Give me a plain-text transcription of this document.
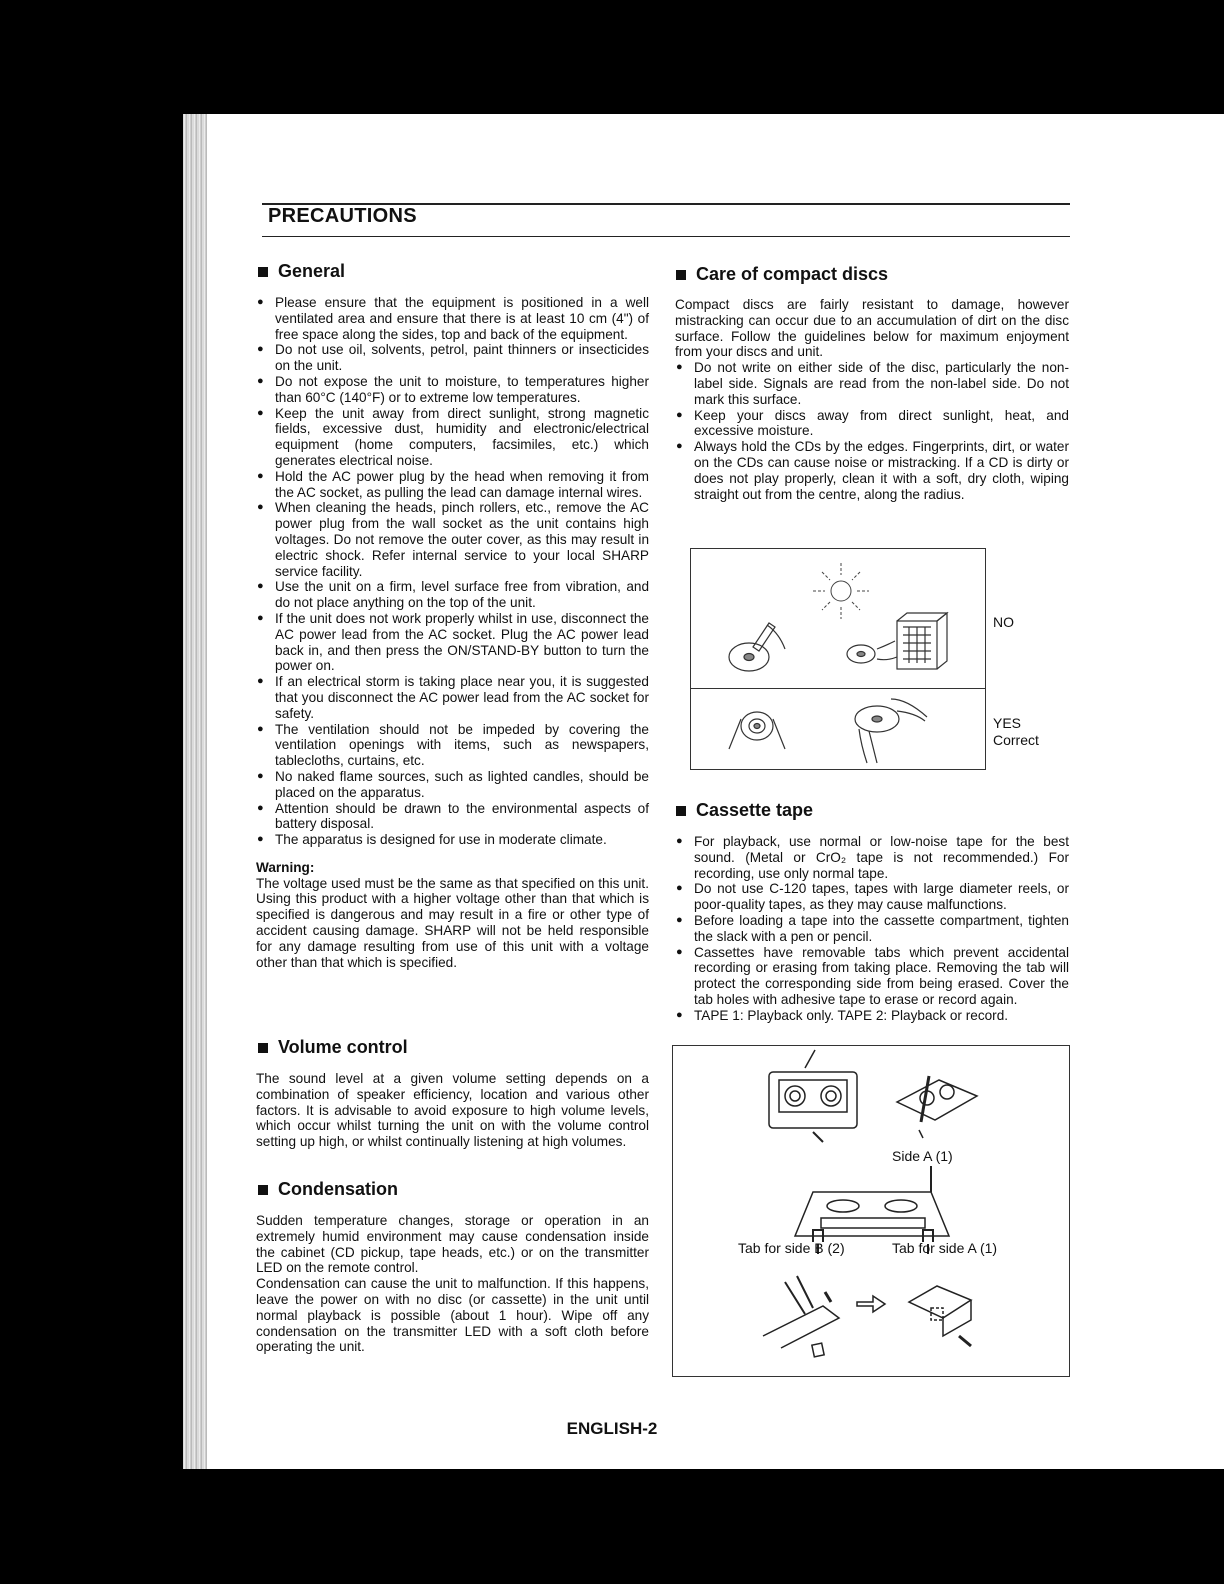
PRECAUTIONS
General
● Please ensure that the equipment is positioned in a well ventilated area and ensure that there is at least 10 cm (4") of free space along the sides, top and back of the equipment.
● Do not use oil, solvents, petrol, paint thinners or insecticides on the unit.
● Do not expose the unit to moisture, to temperatures higher than 60°C (140°F) or to extreme low temperatures.
● Keep the unit away from direct sunlight, strong magnetic fields, excessive dust, humidity and electronic/electrical equipment (home computers, facsimiles, etc.) which generates electrical noise.
● Hold the AC power plug by the head when removing it from the AC socket, as pulling the lead can damage internal wires.
● When cleaning the heads, pinch rollers, etc., remove the AC power plug from the wall socket as the unit contains high voltages. Do not remove the outer cover, as this may result in electric shock. Refer internal service to your local SHARP service facility.
● Use the unit on a firm, level surface free from vibration, and do not place anything on the top of the unit.
● If the unit does not work properly whilst in use, disconnect the AC power lead from the AC socket. Plug the AC power lead back in, and then press the ON/STAND-BY button to turn the power on.
● If an electrical storm is taking place near you, it is suggested that you disconnect the AC power lead from the AC socket for safety.
● The ventilation should not be impeded by covering the ventilation openings with items, such as newspapers, tablecloths, curtains, etc.
● No naked flame sources, such as lighted candles, should be placed on the apparatus.
● Attention should be drawn to the environmental aspects of battery disposal.
● The apparatus is designed for use in moderate climate.
Warning:

The voltage used must be the same as that specified on this unit. Using this product with a higher voltage other than that which is specified is dangerous and may result in a fire or other type of accident causing damage. SHARP will not be held responsible for any damage resulting from use of this unit with a voltage other than that which is specified.

Volume control

The sound level at a given volume setting depends on a combination of speaker efficiency, location and various other factors. It is advisable to avoid exposure to high volume levels, which occur whilst turning the unit on with the volume control setting up high, or whilst continually listening at high volumes.

Condensation

Sudden temperature changes, storage or operation in an extremely humid environment may cause condensation inside the cabinet (CD pickup, tape heads, etc.) or on the transmitter LED on the remote control.

Condensation can cause the unit to malfunction. If this happens, leave the power on with no disc (or cassette) in the unit until normal playback is possible (about 1 hour). Wipe off any condensation on the transmitter LED with a soft cloth before operating the unit.

Care of compact discs

Compact discs are fairly resistant to damage, however mistracking can occur due to an accumulation of dirt on the disc surface. Follow the guidelines below for maximum enjoyment from your discs and unit.

● Do not write on either side of the disc, particularly the non-label side. Signals are read from the non-label side. Do not mark this surface.
● Keep your discs away from direct sunlight, heat, and excessive moisture.
● Always hold the CDs by the edges. Fingerprints, dirt, or water on the CDs can cause noise or mistracking. If a CD is dirty or does not play properly, clean it with a soft, dry cloth, wiping straight out from the centre, along the radius.
NO
YES
Correct
Cassette tape
● For playback, use normal or low-noise tape for the best sound. (Metal or CrO₂ tape is not recommended.) For recording, use only normal tape.
● Do not use C-120 tapes, tapes with large diameter reels, or poor-quality tapes, as they may cause malfunctions.
● Before loading a tape into the cassette compartment, tighten the slack with a pen or pencil.
● Cassettes have removable tabs which prevent accidental recording or erasing from taking place. Removing the tab will protect the corresponding side from being erased. Cover the tab holes with adhesive tape to erase or record again.
● TAPE 1: Playback only. TAPE 2: Playback or record.
Side A (1)
Tab for side B (2)	Tab for side A (1)
ENGLISH-2
